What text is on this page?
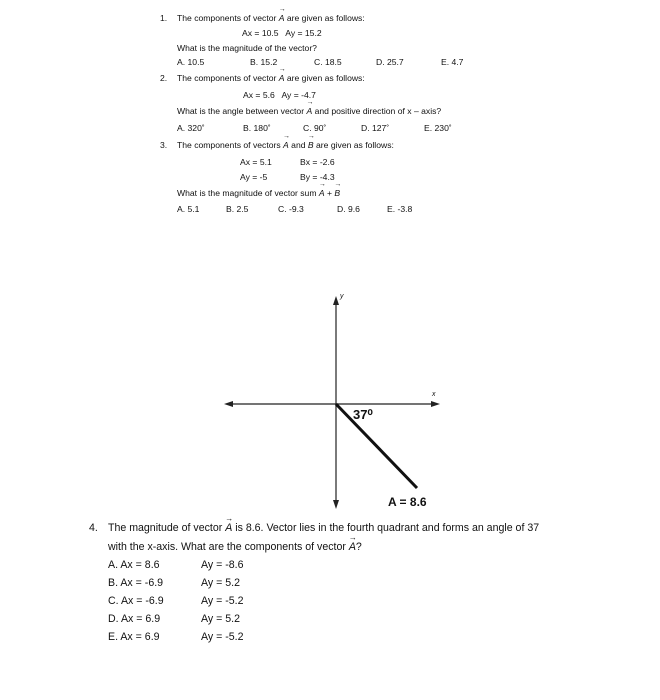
1. The components of vector → A are given as follows:
Ax = 10.5   Ay = 15.2
What is the magnitude of the vector?
A. 10.5	B. 15.2	C. 18.5	D. 25.7	E. 4.7
2. The components of vector → A are given as follows:
Ax = 5.6   Ay = -4.7
What is the angle between vector → A and positive direction of x – axis?
A. 320˚	B. 180˚	C. 90˚	D. 127˚	E. 230˚
3. The components of vectors → A and → B are given as follows:
Ax = 5.1	Bx = -2.6
Ay = -5	By = -4.3
What is the magnitude of vector sum → A + → B
A. 5.1	B. 2.5	C. -9.3	D. 9.6	E. -3.8
y
x
37⁰
A = 8.6
4. The magnitude of vector → A is 8.6. Vector lies in the fourth quadrant and forms an angle of 37
with the x-axis. What are the components of vector → A?
A. Ax = 8.6	Ay = -8.6
B. Ax = -6.9	Ay = 5.2
C. Ax = -6.9	Ay = -5.2
D. Ax = 6.9	Ay = 5.2
E. Ax = 6.9	Ay = -5.2
